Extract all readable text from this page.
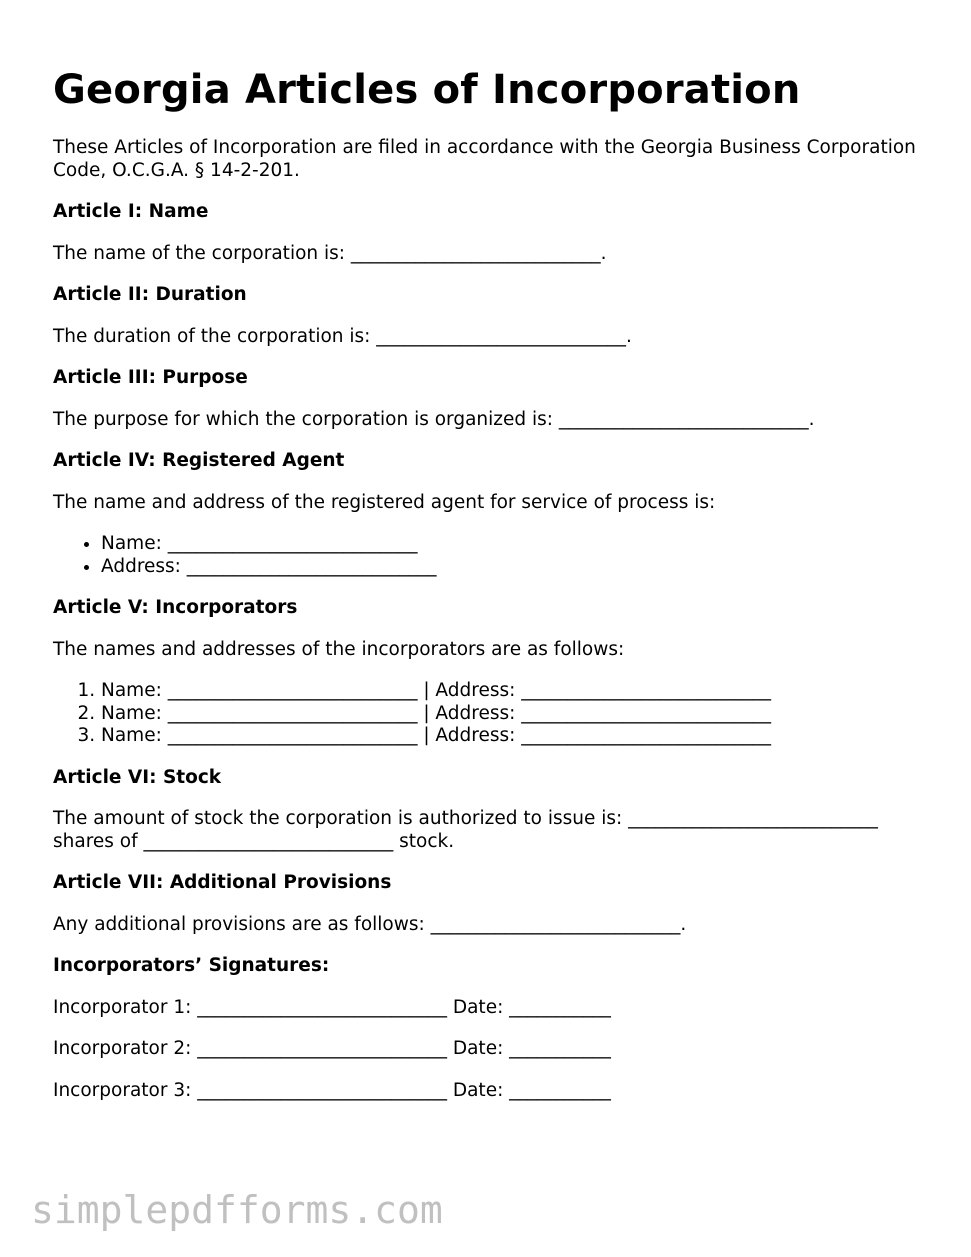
Georgia Articles of Incorporation

These Articles of Incorporation are filed in accordance with the Georgia Business Corporation Code, O.C.G.A. § 14-2-201.

Article I: Name

The name of the corporation is: ___________________________.

Article II: Duration

The duration of the corporation is: ___________________________.

Article III: Purpose

The purpose for which the corporation is organized is: ___________________________.

Article IV: Registered Agent

The name and address of the registered agent for service of process is:

• Name: ___________________________
• Address: ___________________________
Article V: Incorporators

The names and addresses of the incorporators are as follows:

1. Name: ___________________________ | Address: ___________________________
2. Name: ___________________________ | Address: ___________________________
3. Name: ___________________________ | Address: ___________________________
Article VI: Stock

The amount of stock the corporation is authorized to issue is: ___________________________ shares of ___________________________ stock.

Article VII: Additional Provisions

Any additional provisions are as follows: ___________________________.

Incorporators’ Signatures:

Incorporator 1: ___________________________ Date: ___________

Incorporator 2: ___________________________ Date: ___________

Incorporator 3: ___________________________ Date: ___________

simplepdfforms.com
